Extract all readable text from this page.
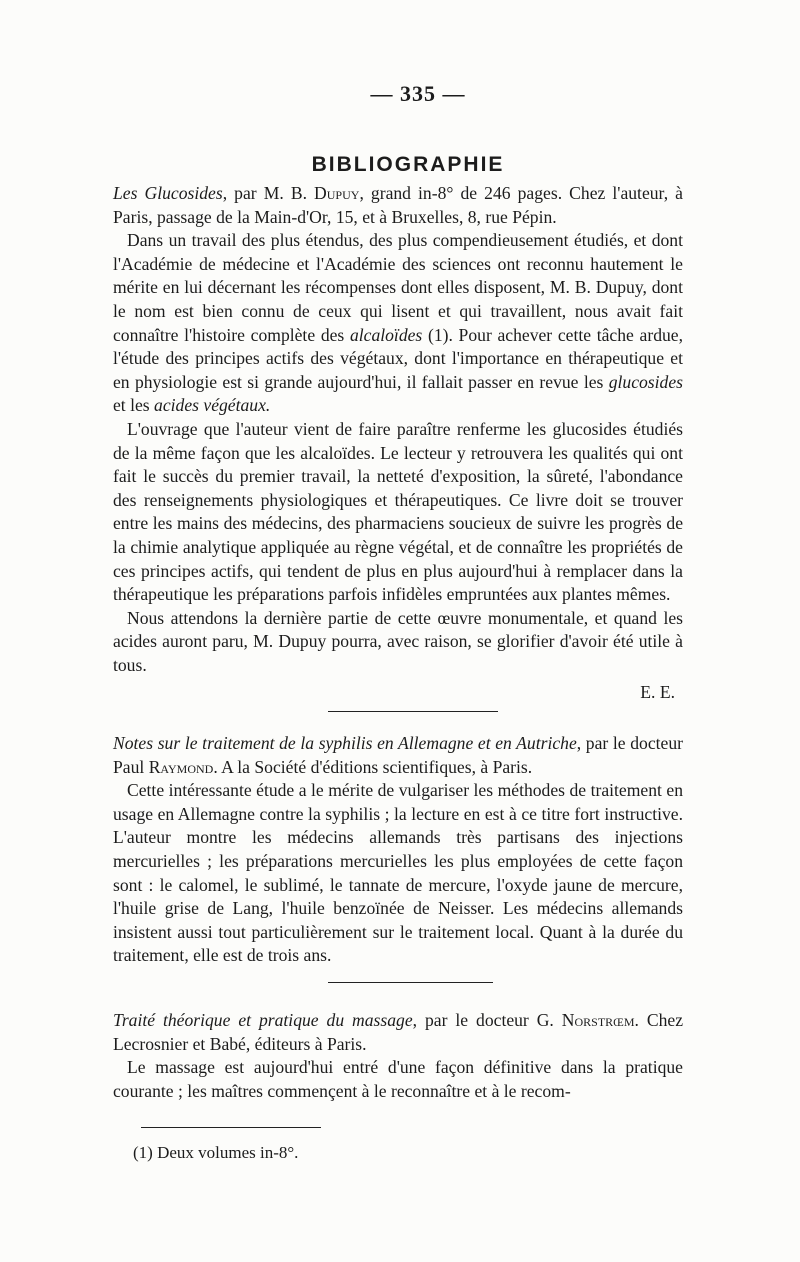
— 335 —
BIBLIOGRAPHIE

Les Glucosides, par M. B. Dupuy, grand in-8° de 246 pages. Chez l'auteur, à Paris, passage de la Main-d'Or, 15, et à Bruxelles, 8, rue Pépin.

Dans un travail des plus étendus, des plus compendieusement étudiés, et dont l'Académie de médecine et l'Académie des sciences ont reconnu hautement le mérite en lui décernant les récompenses dont elles disposent, M. B. Dupuy, dont le nom est bien connu de ceux qui lisent et qui travaillent, nous avait fait connaître l'histoire complète des alcaloïdes (1). Pour achever cette tâche ardue, l'étude des principes actifs des végétaux, dont l'importance en thérapeutique et en physiologie est si grande aujourd'hui, il fallait passer en revue les glucosides et les acides végétaux.

L'ouvrage que l'auteur vient de faire paraître renferme les glucosides étudiés de la même façon que les alcaloïdes. Le lecteur y retrouvera les qualités qui ont fait le succès du premier travail, la netteté d'exposition, la sûreté, l'abondance des renseignements physiologiques et thérapeutiques. Ce livre doit se trouver entre les mains des médecins, des pharmaciens soucieux de suivre les progrès de la chimie analytique appliquée au règne végétal, et de connaître les propriétés de ces principes actifs, qui tendent de plus en plus aujourd'hui à remplacer dans la thérapeutique les préparations parfois infidèles empruntées aux plantes mêmes.

Nous attendons la dernière partie de cette œuvre monumentale, et quand les acides auront paru, M. Dupuy pourra, avec raison, se glorifier d'avoir été utile à tous.

E. E.

Notes sur le traitement de la syphilis en Allemagne et en Autriche, par le docteur Paul Raymond. A la Société d'éditions scientifiques, à Paris.

Cette intéressante étude a le mérite de vulgariser les méthodes de traitement en usage en Allemagne contre la syphilis ; la lecture en est à ce titre fort instructive. L'auteur montre les médecins allemands très partisans des injections mercurielles ; les préparations mercurielles les plus employées de cette façon sont : le calomel, le sublimé, le tannate de mercure, l'oxyde jaune de mercure, l'huile grise de Lang, l'huile benzoïnée de Neisser. Les médecins allemands insistent aussi tout particulièrement sur le traitement local. Quant à la durée du traitement, elle est de trois ans.

Traité théorique et pratique du massage, par le docteur G. Norstrœm. Chez Lecrosnier et Babé, éditeurs à Paris.

Le massage est aujourd'hui entré d'une façon définitive dans la pratique courante ; les maîtres commençent à le reconnaître et à le recom-

(1) Deux volumes in-8°.
